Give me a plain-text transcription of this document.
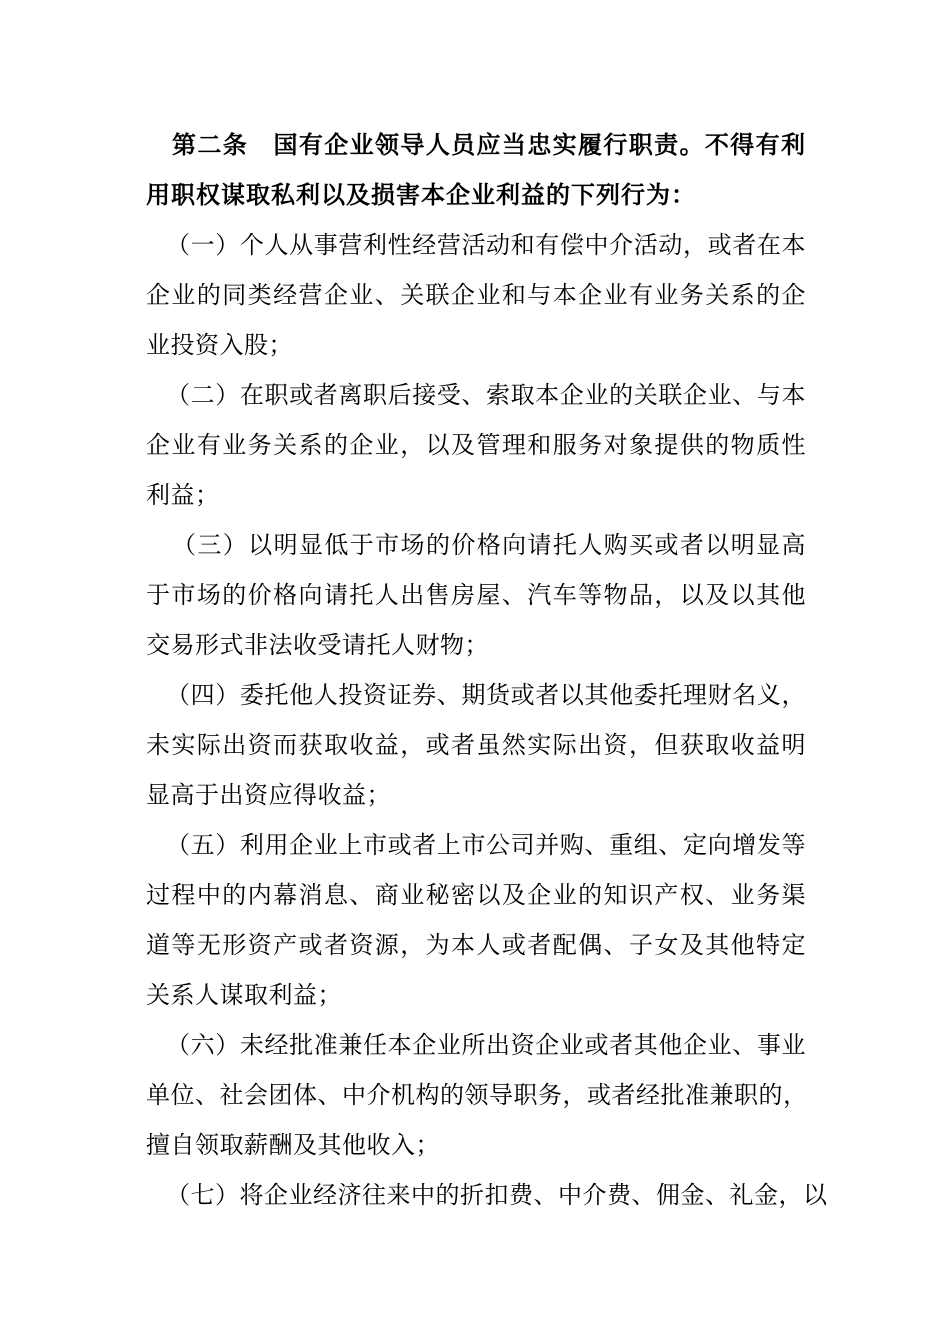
第二条　国有企业领导人员应当忠实履行职责。不得有利
用职权谋取私利以及损害本企业利益的下列行为：
（一）个人从事营利性经营活动和有偿中介活动，或者在本
企业的同类经营企业、关联企业和与本企业有业务关系的企
业投资入股；
（二）在职或者离职后接受、索取本企业的关联企业、与本
企业有业务关系的企业，以及管理和服务对象提供的物质性
利益；
（三）以明显低于市场的价格向请托人购买或者以明显高
于市场的价格向请托人出售房屋、汽车等物品，以及以其他
交易形式非法收受请托人财物；
（四）委托他人投资证券、期货或者以其他委托理财名义，
未实际出资而获取收益，或者虽然实际出资，但获取收益明
显高于出资应得收益；
（五）利用企业上市或者上市公司并购、重组、定向增发等
过程中的内幕消息、商业秘密以及企业的知识产权、业务渠
道等无形资产或者资源，为本人或者配偶、子女及其他特定
关系人谋取利益；
（六）未经批准兼任本企业所出资企业或者其他企业、事业
单位、社会团体、中介机构的领导职务，或者经批准兼职的，
擅自领取薪酬及其他收入；
（七）将企业经济往来中的折扣费、中介费、佣金、礼金，以
